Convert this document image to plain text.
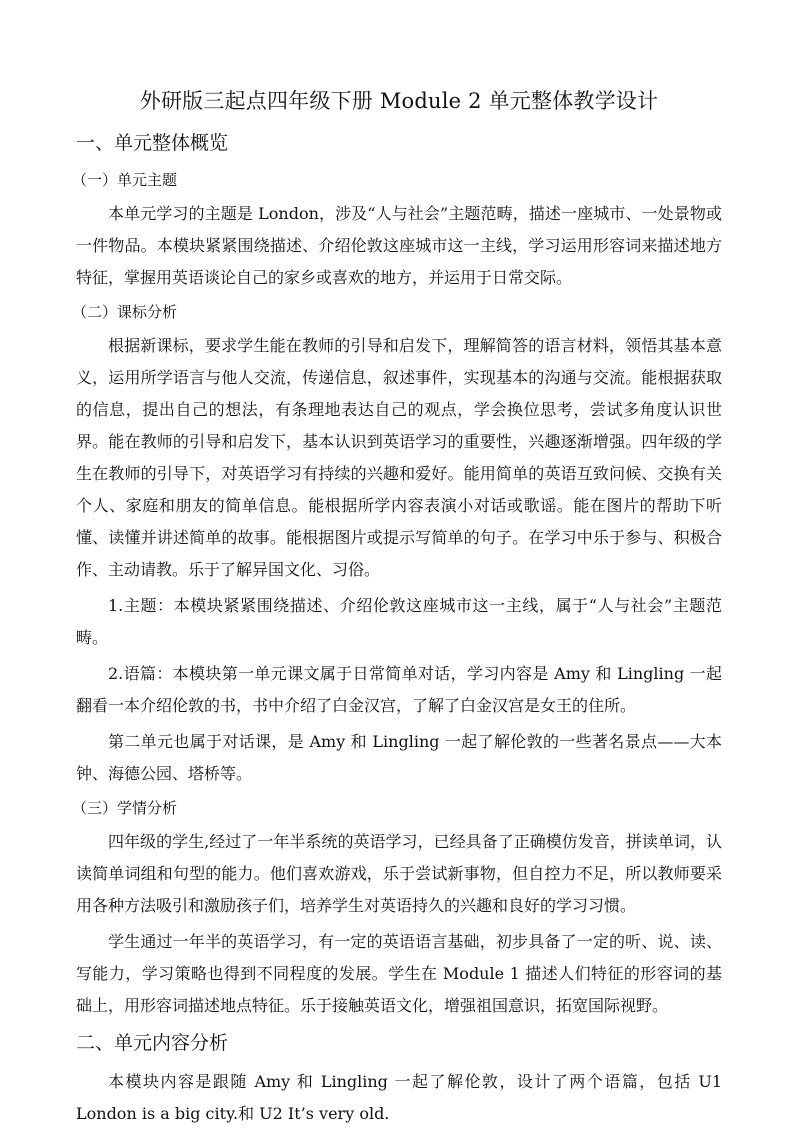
外研版三起点四年级下册 Module 2 单元整体教学设计
一、单元整体概览
（一）单元主题

本单元学习的主题是 London，涉及“人与社会”主题范畴，描述一座城市、一处景物或一件物品。本模块紧紧围绕描述、介绍伦敦这座城市这一主线，学习运用形容词来描述地方特征，掌握用英语谈论自己的家乡或喜欢的地方，并运用于日常交际。

（二）课标分析

根据新课标，要求学生能在教师的引导和启发下，理解简答的语言材料，领悟其基本意义，运用所学语言与他人交流，传递信息，叙述事件，实现基本的沟通与交流。能根据获取的信息，提出自己的想法，有条理地表达自己的观点，学会换位思考，尝试多角度认识世界。能在教师的引导和启发下，基本认识到英语学习的重要性，兴趣逐渐增强。四年级的学生在教师的引导下，对英语学习有持续的兴趣和爱好。能用简单的英语互致问候、交换有关个人、家庭和朋友的简单信息。能根据所学内容表演小对话或歌谣。能在图片的帮助下听懂、读懂并讲述简单的故事。能根据图片或提示写简单的句子。在学习中乐于参与、积极合作、主动请教。乐于了解异国文化、习俗。

1.主题：本模块紧紧围绕描述、介绍伦敦这座城市这一主线，属于“人与社会”主题范畴。

2.语篇：本模块第一单元课文属于日常简单对话，学习内容是 Amy 和 Lingling 一起翻看一本介绍伦敦的书，书中介绍了白金汉宫，了解了白金汉宫是女王的住所。

第二单元也属于对话课，是 Amy 和 Lingling 一起了解伦敦的一些著名景点——大本钟、海德公园、塔桥等。

（三）学情分析

四年级的学生,经过了一年半系统的英语学习，已经具备了正确模仿发音，拼读单词，认读简单词组和句型的能力。他们喜欢游戏，乐于尝试新事物，但自控力不足，所以教师要采用各种方法吸引和激励孩子们，培养学生对英语持久的兴趣和良好的学习习惯。

学生通过一年半的英语学习，有一定的英语语言基础，初步具备了一定的听、说、读、写能力，学习策略也得到不同程度的发展。学生在 Module 1 描述人们特征的形容词的基础上，用形容词描述地点特征。乐于接触英语文化，增强祖国意识，拓宽国际视野。

二、单元内容分析

本模块内容是跟随 Amy 和 Lingling 一起了解伦敦，设计了两个语篇，包括 U1 London is a big city.和 U2 It’s very old.
